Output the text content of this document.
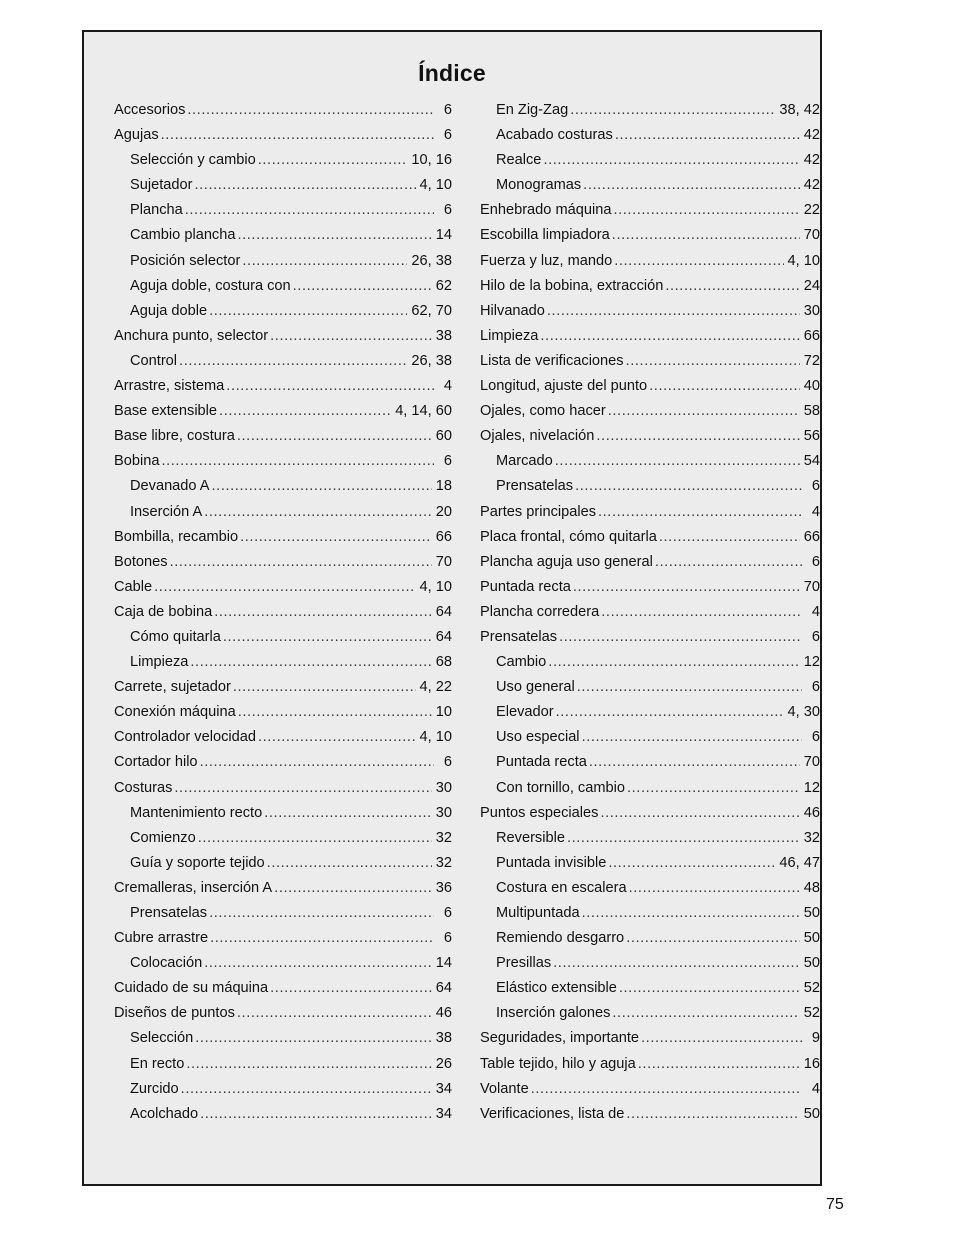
Índice
Accesorios .....	6
Agujas .....	6
Selección y cambio .....	10, 16
Sujetador .....	4, 10
Plancha .....	6
Cambio plancha .....	14
Posición selector .....	26, 38
Aguja doble, costura con .....	62
Aguja doble .....	62, 70
Anchura punto, selector .....	38
Control .....	26, 38
Arrastre, sistema .....	4
Base extensible .....	4, 14, 60
Base libre, costura .....	60
Bobina .....	6
Devanado A .....	18
Inserción A .....	20
Bombilla, recambio .....	66
Botones .....	70
Cable .....	4, 10
Caja de bobina .....	64
Cómo quitarla .....	64
Limpieza .....	68
Carrete, sujetador .....	4, 22
Conexión máquina .....	10
Controlador velocidad .....	4, 10
Cortador hilo .....	6
Costuras .....	30
Mantenimiento recto .....	30
Comienzo .....	32
Guía y soporte tejido .....	32
Cremalleras, inserción A .....	36
Prensatelas .....	6
Cubre arrastre .....	6
Colocación .....	14
Cuidado de su máquina .....	64
Diseños de puntos .....	46
Selección .....	38
En recto .....	26
Zurcido .....	34
Acolchado .....	34
En Zig-Zag .....	38, 42
Acabado costuras .....	42
Realce .....	42
Monogramas .....	42
Enhebrado máquina .....	22
Escobilla limpiadora .....	70
Fuerza y luz, mando .....	4, 10
Hilo de la bobina, extracción .....	24
Hilvanado .....	30
Limpieza .....	66
Lista de verificaciones .....	72
Longitud, ajuste del punto .....	40
Ojales, como hacer .....	58
Ojales, nivelación .....	56
Marcado .....	54
Prensatelas .....	6
Partes principales .....	4
Placa frontal, cómo quitarla .....	66
Plancha aguja uso general .....	6
Puntada recta .....	70
Plancha corredera .....	4
Prensatelas .....	6
Cambio .....	12
Uso general .....	6
Elevador .....	4, 30
Uso especial .....	6
Puntada recta .....	70
Con tornillo, cambio .....	12
Puntos especiales .....	46
Reversible .....	32
Puntada invisible .....	46, 47
Costura en escalera .....	48
Multipuntada .....	50
Remiendo desgarro .....	50
Presillas .....	50
Elástico extensible .....	52
Inserción galones .....	52
Seguridades, importante .....	9
Table tejido, hilo y aguja .....	16
Volante .....	4
Verificaciones, lista de .....	50
75
